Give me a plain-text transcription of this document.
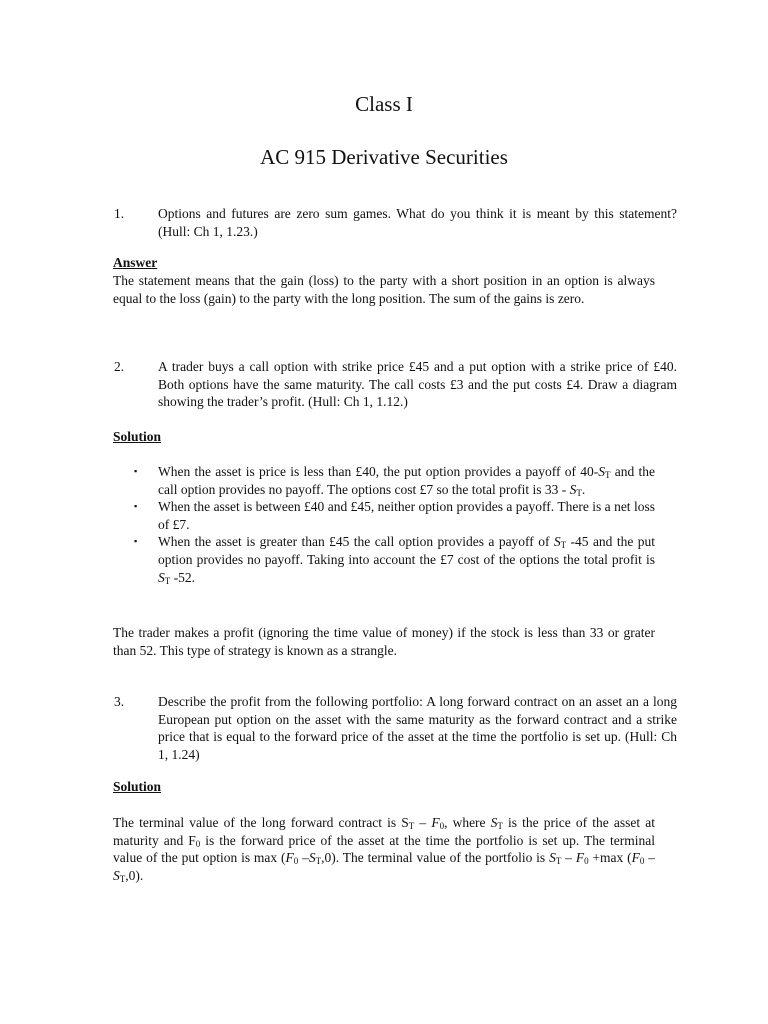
Class I
AC 915 Derivative Securities
1.	Options and futures are zero sum games. What do you think it is meant by this statement? (Hull: Ch 1, 1.23.)
Answer
The statement means that the gain (loss) to the party with a short position in an option is always equal to the loss (gain) to the party with the long position. The sum of the gains is zero.
2.	A trader buys a call option with strike price £45 and a put option with a strike price of £40. Both options have the same maturity. The call costs £3 and the put costs £4. Draw a diagram showing the trader’s profit. (Hull: Ch 1, 1.12.)
Solution
▪ When the asset is price is less than £40, the put option provides a payoff of $40-S_T$ and the call option provides no payoff. The options cost £7 so the total profit is $33 - S_T$.
▪ When the asset is between £40 and £45, neither option provides a payoff. There is a net loss of £7.
▪ When the asset is greater than £45 the call option provides a payoff of $S_T$ -45 and the put option provides no payoff. Taking into account the £7 cost of the options the total profit is $S_T$ -52.
The trader makes a profit (ignoring the time value of money) if the stock is less than 33 or grater than 52. This type of strategy is known as a strangle.
3.	Describe the profit from the following portfolio: A long forward contract on an asset an a long European put option on the asset with the same maturity as the forward contract and a strike price that is equal to the forward price of the asset at the time the portfolio is set up. (Hull: Ch 1, 1.24)
Solution
The terminal value of the long forward contract is $S_T - F_0$, where $S_T$ is the price of the asset at maturity and $F_0$ is the forward price of the asset at the time the portfolio is set up. The terminal value of the put option is $\max (F_0$ $-S_T,0$). The terminal value of the portfolio is $S_T - F_0 +\max$ ($F_0$ $-S_T,0$).
